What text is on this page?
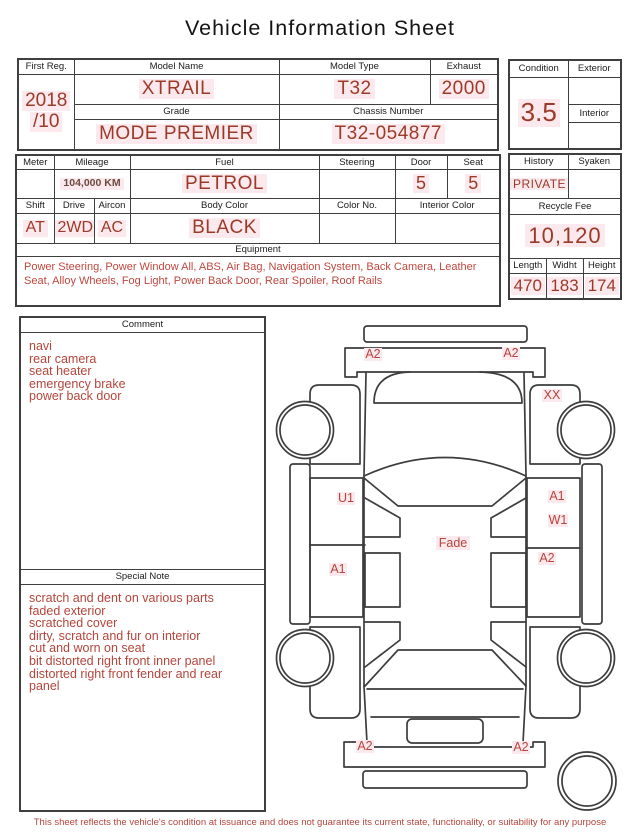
Vehicle Information Sheet
First Reg.	Model Name	Model Type	Exhaust
2018
/10	XTRAIL	T32	2000
	Grade	Chassis Number	
	MODE PREMIER	T32-054877	
Condition	Exterior
3.5	
	Interior

Meter	Mileage		Fuel	Steering	Door	Seat
	104,000 KM		PETROL		5	5
Shift	Drive	Aircon	Body Color	Color No.	Interior Color	
AT	2WD	AC	BLACK			
Equipment						
Power Steering, Power Window All, ABS, Air Bag, Navigation System, Back Camera, Leather Seat, Alloy Wheels, Fog Light, Power Back Door, Rear Spoiler, Roof Rails						
History		Syaken	
PRIVATE			
Recycle Fee			
10,120			
Length	Widht		Height
470	183		174
Comment
navi
rear camera
seat heater
emergency brake
power back door
Special Note
scratch and dent on various parts
faded exterior
scratched cover
dirty, scratch and fur on interior
cut and worn on seat
bit distorted right front inner panel
distorted right front fender and rear panel
A2	A2
XX
U1	A1
W1
Fade
A1
A2
A2	A2
This sheet reflects the vehicle's condition at issuance and does not guarantee its current state, functionality, or suitability for any purpose
